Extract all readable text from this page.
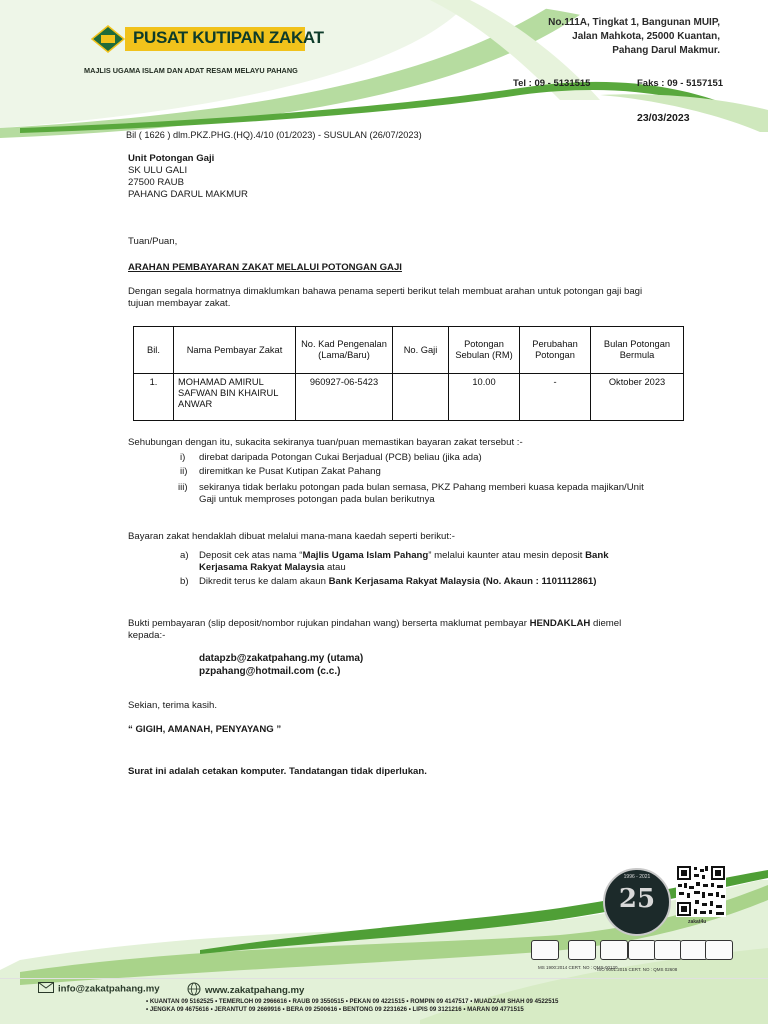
PUSAT KUTIPAN ZAKAT
MAJLIS UGAMA ISLAM DAN ADAT RESAM MELAYU PAHANG
No.111A, Tingkat 1, Bangunan MUIP,
Jalan Mahkota, 25000 Kuantan,
Pahang Darul Makmur.
Tel : 09 - 5131515	Faks : 09 - 5157151
23/03/2023
Bil ( 1626 ) dlm.PKZ.PHG.(HQ).4/10 (01/2023) - SUSULAN (26/07/2023)
Unit Potongan Gaji
SK ULU GALI
27500 RAUB
PAHANG DARUL MAKMUR
Tuan/Puan,
ARAHAN PEMBAYARAN ZAKAT MELALUI POTONGAN GAJI
Dengan segala hormatnya dimaklumkan bahawa penama seperti berikut telah membuat arahan untuk potongan gaji bagi
tujuan membayar zakat.
Bil.	Nama Pembayar Zakat	No. Kad Pengenalan (Lama/Baru)	No. Gaji	Potongan Sebulan (RM)	Perubahan Potongan	Bulan Potongan Bermula
1.	MOHAMAD AMIRUL SAFWAN BIN KHAIRUL ANWAR	960927-06-5423		10.00	-	Oktober 2023
Sehubungan dengan itu, sukacita sekiranya tuan/puan memastikan bayaran zakat tersebut :-
i) direbat daripada Potongan Cukai Berjadual (PCB) beliau (jika ada)
ii) diremitkan ke Pusat Kutipan Zakat Pahang
iii) sekiranya tidak berlaku potongan pada bulan semasa, PKZ Pahang memberi kuasa kepada majikan/Unit
Gaji untuk memproses potongan pada bulan berikutnya
Bayaran zakat hendaklah dibuat melalui mana-mana kaedah seperti berikut:-
a) Deposit cek atas nama “Majlis Ugama Islam Pahang” melalui kaunter atau mesin deposit Bank
Kerjasama Rakyat Malaysia atau
b) Dikredit terus ke dalam akaun Bank Kerjasama Rakyat Malaysia (No. Akaun : 1101112861)
Bukti pembayaran (slip deposit/nombor rujukan pindahan wang) berserta maklumat pembayar HENDAKLAH diemel
kepada:-
datapzb@zakatpahang.my (utama)
pzpahang@hotmail.com (c.c.)
Sekian, terima kasih.
“ GIGIH, AMANAH, PENYAYANG ”
Surat ini adalah cetakan komputer. Tandatangan tidak diperlukan.
25
1996 - 2021
zakat4u
MS 1900:2014 CERT. NO : QMS-00120
ISO 9001:2015 CERT. NO : QMS 02608
info@zakatpahang.my	www.zakatpahang.my
• KUANTAN 09 5162525 • TEMERLOH 09 2966616 • RAUB 09 3550515 • PEKAN 09 4221515 • ROMPIN 09 4147517 • MUADZAM SHAH 09 4522515
• JENGKA 09 4675616 • JERANTUT 09 2669916 • BERA 09 2500616 • BENTONG 09 2231626 • LIPIS 09 3121216 • MARAN 09 4771515
